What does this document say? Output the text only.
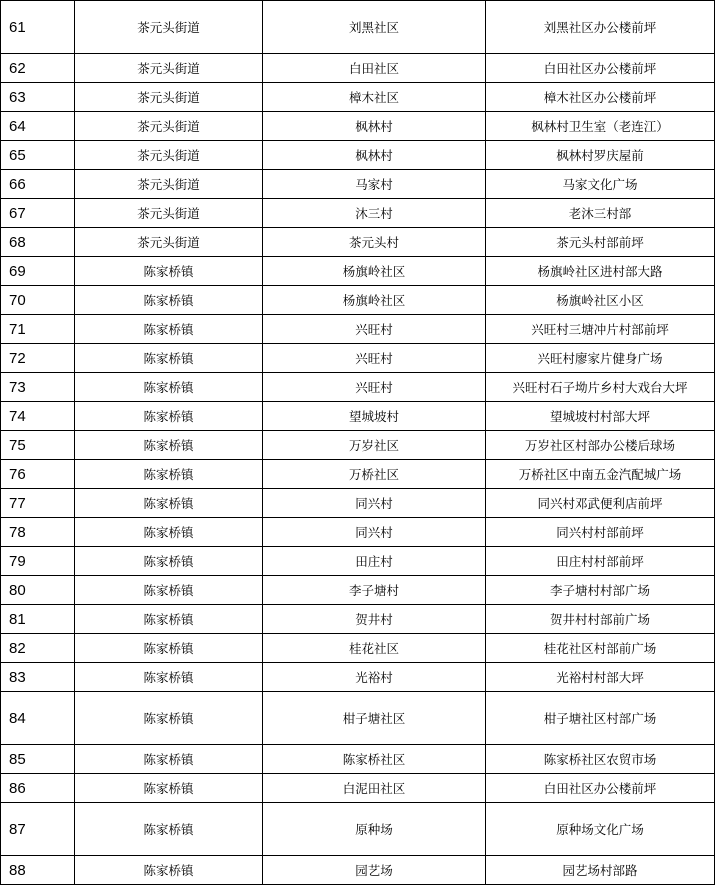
61	茶元头街道	刘黑社区	刘黑社区办公楼前坪
62	茶元头街道	白田社区	白田社区办公楼前坪
63	茶元头街道	樟木社区	樟木社区办公楼前坪
64	茶元头街道	枫林村	枫林村卫生室（老连江）
65	茶元头街道	枫林村	枫林村罗庆屋前
66	茶元头街道	马家村	马家文化广场
67	茶元头街道	沐三村	老沐三村部
68	茶元头街道	茶元头村	茶元头村部前坪
69	陈家桥镇	杨旗岭社区	杨旗岭社区进村部大路
70	陈家桥镇	杨旗岭社区	杨旗岭社区小区
71	陈家桥镇	兴旺村	兴旺村三塘冲片村部前坪
72	陈家桥镇	兴旺村	兴旺村廖家片健身广场
73	陈家桥镇	兴旺村	兴旺村石子坳片乡村大戏台大坪
74	陈家桥镇	望城坡村	望城坡村村部大坪
75	陈家桥镇	万岁社区	万岁社区村部办公楼后球场
76	陈家桥镇	万桥社区	万桥社区中南五金汽配城广场
77	陈家桥镇	同兴村	同兴村邓武便利店前坪
78	陈家桥镇	同兴村	同兴村村部前坪
79	陈家桥镇	田庄村	田庄村村部前坪
80	陈家桥镇	李子塘村	李子塘村村部广场
81	陈家桥镇	贺井村	贺井村村部前广场
82	陈家桥镇	桂花社区	桂花社区村部前广场
83	陈家桥镇	光裕村	光裕村村部大坪
84	陈家桥镇	柑子塘社区	柑子塘社区村部广场
85	陈家桥镇	陈家桥社区	陈家桥社区农贸市场
86	陈家桥镇	白泥田社区	白田社区办公楼前坪
87	陈家桥镇	原种场	原种场文化广场
88	陈家桥镇	园艺场	园艺场村部路
